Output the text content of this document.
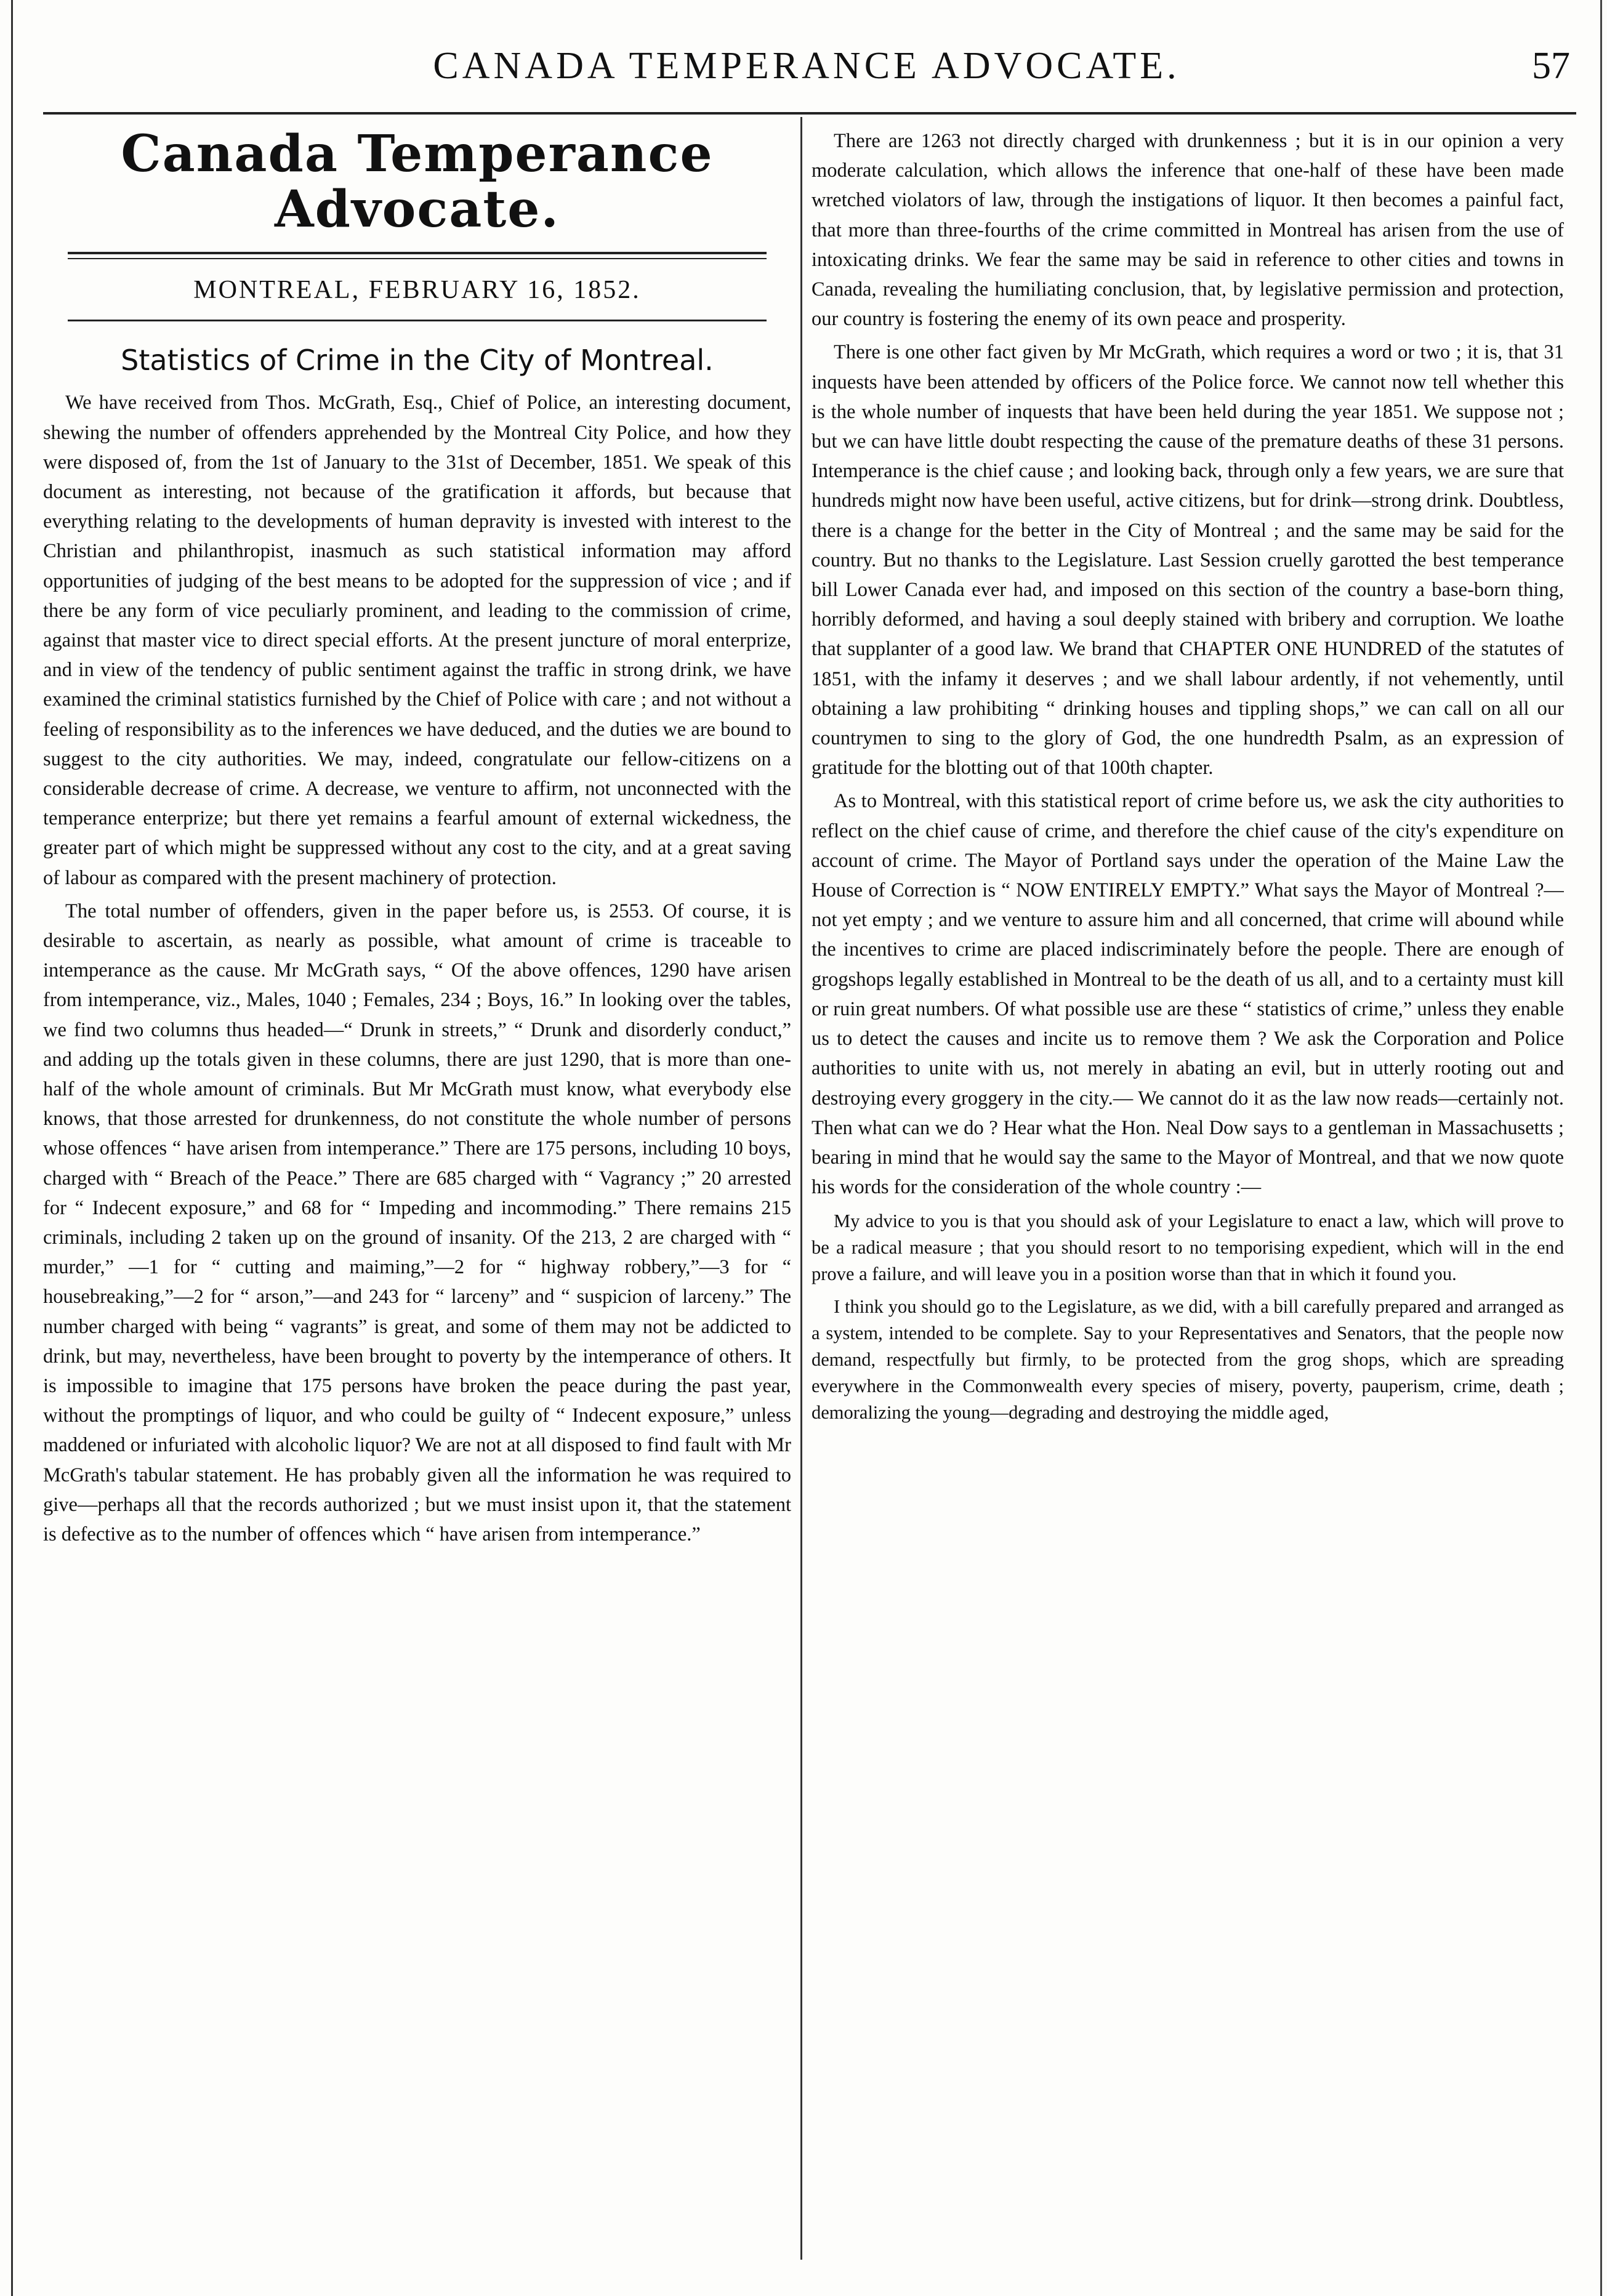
CANADA TEMPERANCE ADVOCATE.	57
Canada Temperance Advocate.
MONTREAL, FEBRUARY 16, 1852.
Statistics of Crime in the City of Montreal.

We have received from Thos. McGrath, Esq., Chief of Police, an interesting document, shewing the number of offenders apprehended by the Montreal City Police, and how they were disposed of, from the 1st of January to the 31st of December, 1851. We speak of this document as interesting, not because of the gratification it affords, but because that everything relating to the developments of human depravity is invested with interest to the Christian and philanthropist, inasmuch as such statistical information may afford opportunities of judging of the best means to be adopted for the suppression of vice ; and if there be any form of vice peculiarly prominent, and leading to the commission of crime, against that master vice to direct special efforts. At the present juncture of moral enterprize, and in view of the tendency of public sentiment against the traffic in strong drink, we have examined the criminal statistics furnished by the Chief of Police with care ; and not without a feeling of responsibility as to the inferences we have deduced, and the duties we are bound to suggest to the city authorities. We may, indeed, congratulate our fellow-citizens on a considerable decrease of crime. A decrease, we venture to affirm, not unconnected with the temperance enterprize; but there yet remains a fearful amount of external wickedness, the greater part of which might be suppressed without any cost to the city, and at a great saving of labour as compared with the present machinery of protection.

The total number of offenders, given in the paper before us, is 2553. Of course, it is desirable to ascertain, as nearly as possible, what amount of crime is traceable to intemperance as the cause. Mr McGrath says, “ Of the above offences, 1290 have arisen from intemperance, viz., Males, 1040 ; Females, 234 ; Boys, 16.” In looking over the tables, we find two columns thus headed—“ Drunk in streets,” “ Drunk and disorderly conduct,” and adding up the totals given in these columns, there are just 1290, that is more than one-half of the whole amount of criminals. But Mr McGrath must know, what everybody else knows, that those arrested for drunkenness, do not constitute the whole number of persons whose offences “ have arisen from intemperance.” There are 175 persons, including 10 boys, charged with “ Breach of the Peace.” There are 685 charged with “ Vagrancy ;” 20 arrested for “ Indecent exposure,” and 68 for “ Impeding and incommoding.” There remains 215 criminals, including 2 taken up on the ground of insanity. Of the 213, 2 are charged with “ murder,” —1 for “ cutting and maiming,”—2 for “ highway robbery,”—3 for “ housebreaking,”—2 for “ arson,”—and 243 for “ larceny” and “ suspicion of larceny.” The number charged with being “ vagrants” is great, and some of them may not be addicted to drink, but may, nevertheless, have been brought to poverty by the intemperance of others. It is impossible to imagine that 175 persons have broken the peace during the past year, without the promptings of liquor, and who could be guilty of “ Indecent exposure,” unless maddened or infuriated with alcoholic liquor? We are not at all disposed to find fault with Mr McGrath's tabular statement. He has probably given all the information he was required to give—perhaps all that the records authorized ; but we must insist upon it, that the statement is defective as to the number of offences which “ have arisen from intemperance.”

There are 1263 not directly charged with drunkenness ; but it is in our opinion a very moderate calculation, which allows the inference that one-half of these have been made wretched violators of law, through the instigations of liquor. It then becomes a painful fact, that more than three-fourths of the crime committed in Montreal has arisen from the use of intoxicating drinks. We fear the same may be said in reference to other cities and towns in Canada, revealing the humiliating conclusion, that, by legislative permission and protection, our country is fostering the enemy of its own peace and prosperity.

There is one other fact given by Mr McGrath, which requires a word or two ; it is, that 31 inquests have been attended by officers of the Police force. We cannot now tell whether this is the whole number of inquests that have been held during the year 1851. We suppose not ; but we can have little doubt respecting the cause of the premature deaths of these 31 persons. Intemperance is the chief cause ; and looking back, through only a few years, we are sure that hundreds might now have been useful, active citizens, but for drink—strong drink. Doubtless, there is a change for the better in the City of Montreal ; and the same may be said for the country. But no thanks to the Legislature. Last Session cruelly garotted the best temperance bill Lower Canada ever had, and imposed on this section of the country a base-born thing, horribly deformed, and having a soul deeply stained with bribery and corruption. We loathe that supplanter of a good law. We brand that CHAPTER ONE HUNDRED of the statutes of 1851, with the infamy it deserves ; and we shall labour ardently, if not vehemently, until obtaining a law prohibiting “ drinking houses and tippling shops,” we can call on all our countrymen to sing to the glory of God, the one hundredth Psalm, as an expression of gratitude for the blotting out of that 100th chapter.

As to Montreal, with this statistical report of crime before us, we ask the city authorities to reflect on the chief cause of crime, and therefore the chief cause of the city's expenditure on account of crime. The Mayor of Portland says under the operation of the Maine Law the House of Correction is “ NOW ENTIRELY EMPTY.” What says the Mayor of Montreal ?—not yet empty ; and we venture to assure him and all concerned, that crime will abound while the incentives to crime are placed indiscriminately before the people. There are enough of grogshops legally established in Montreal to be the death of us all, and to a certainty must kill or ruin great numbers. Of what possible use are these “ statistics of crime,” unless they enable us to detect the causes and incite us to remove them ? We ask the Corporation and Police authorities to unite with us, not merely in abating an evil, but in utterly rooting out and destroying every groggery in the city.— We cannot do it as the law now reads—certainly not. Then what can we do ? Hear what the Hon. Neal Dow says to a gentleman in Massachusetts ; bearing in mind that he would say the same to the Mayor of Montreal, and that we now quote his words for the consideration of the whole country :—

My advice to you is that you should ask of your Legislature to enact a law, which will prove to be a radical measure ; that you should resort to no temporising expedient, which will in the end prove a failure, and will leave you in a position worse than that in which it found you.

I think you should go to the Legislature, as we did, with a bill carefully prepared and arranged as a system, intended to be complete. Say to your Representatives and Senators, that the people now demand, respectfully but firmly, to be protected from the grog shops, which are spreading everywhere in the Commonwealth every species of misery, poverty, pauperism, crime, death ; demoralizing the young—degrading and destroying the middle aged,
